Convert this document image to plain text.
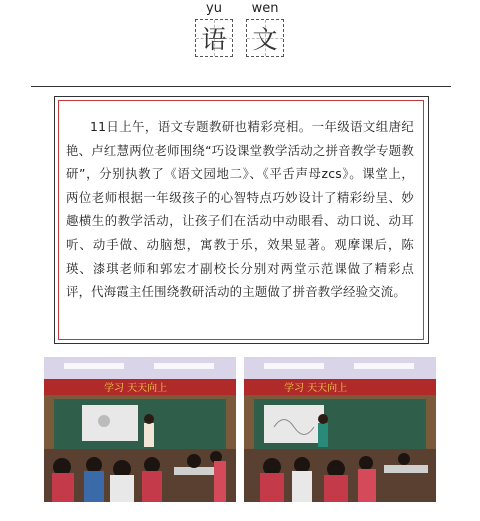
yu
语
wen
文
11日上午，语文专题教研也精彩亮相。一年级语文组唐纪艳、卢红慧两位老师围绕“巧设课堂教学活动之拼音教学专题教研”，分别执教了《语文园地二》、《平舌声母zcs》。课堂上，两位老师根据一年级孩子的心智特点巧妙设计了精彩纷呈、妙趣横生的教学活动，让孩子们在活动中动眼看、动口说、动耳听、动手做、动脑想，寓教于乐，效果显著。观摩课后，陈瑛、漆琪老师和郭宏才副校长分别对两堂示范课做了精彩点评，代海霞主任围绕教研活动的主题做了拼音教学经验交流。
学习 天天向上	学习 天天向上
